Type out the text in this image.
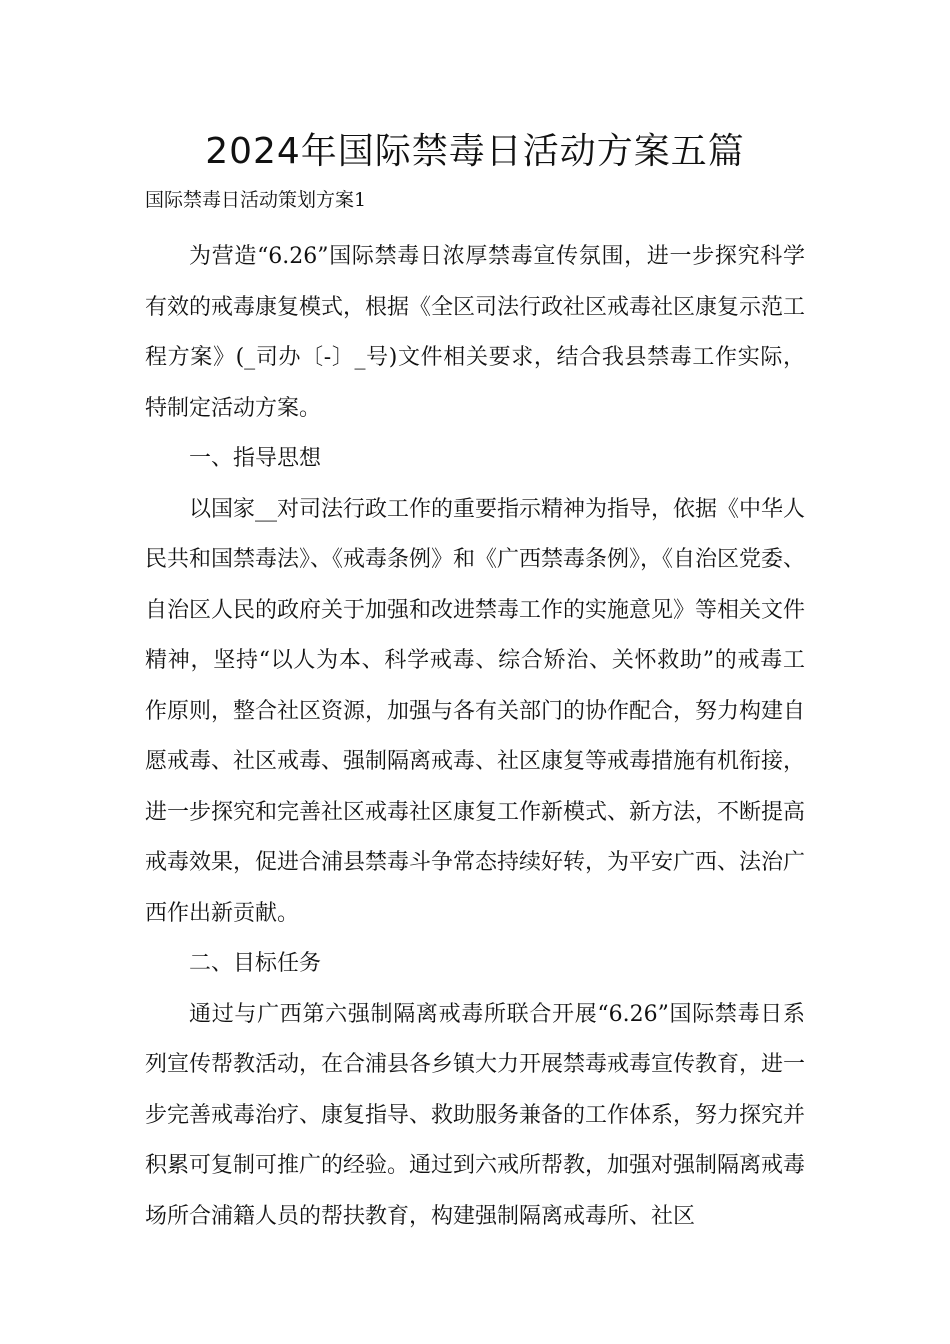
2024年国际禁毒日活动方案五篇
国际禁毒日活动策划方案1

为营造“6.26”国际禁毒日浓厚禁毒宣传氛围，进一步探究科学有效的戒毒康复模式，根据《全区司法行政社区戒毒社区康复示范工程方案》(_司办〔-〕_号)文件相关要求，结合我县禁毒工作实际，特制定活动方案。

一、指导思想

以国家__对司法行政工作的重要指示精神为指导，依据《中华人民共和国禁毒法》、《戒毒条例》和《广西禁毒条例》，《自治区党委、自治区人民的政府关于加强和改进禁毒工作的实施意见》等相关文件精神，坚持“以人为本、科学戒毒、综合矫治、关怀救助”的戒毒工作原则，整合社区资源，加强与各有关部门的协作配合，努力构建自愿戒毒、社区戒毒、强制隔离戒毒、社区康复等戒毒措施有机衔接，进一步探究和完善社区戒毒社区康复工作新模式、新方法，不断提高戒毒效果，促进合浦县禁毒斗争常态持续好转，为平安广西、法治广西作出新贡献。

二、目标任务

通过与广西第六强制隔离戒毒所联合开展“6.26”国际禁毒日系列宣传帮教活动，在合浦县各乡镇大力开展禁毒戒毒宣传教育，进一步完善戒毒治疗、康复指导、救助服务兼备的工作体系，努力探究并积累可复制可推广的经验。通过到六戒所帮教，加强对强制隔离戒毒场所合浦籍人员的帮扶教育，构建强制隔离戒毒所、社区
